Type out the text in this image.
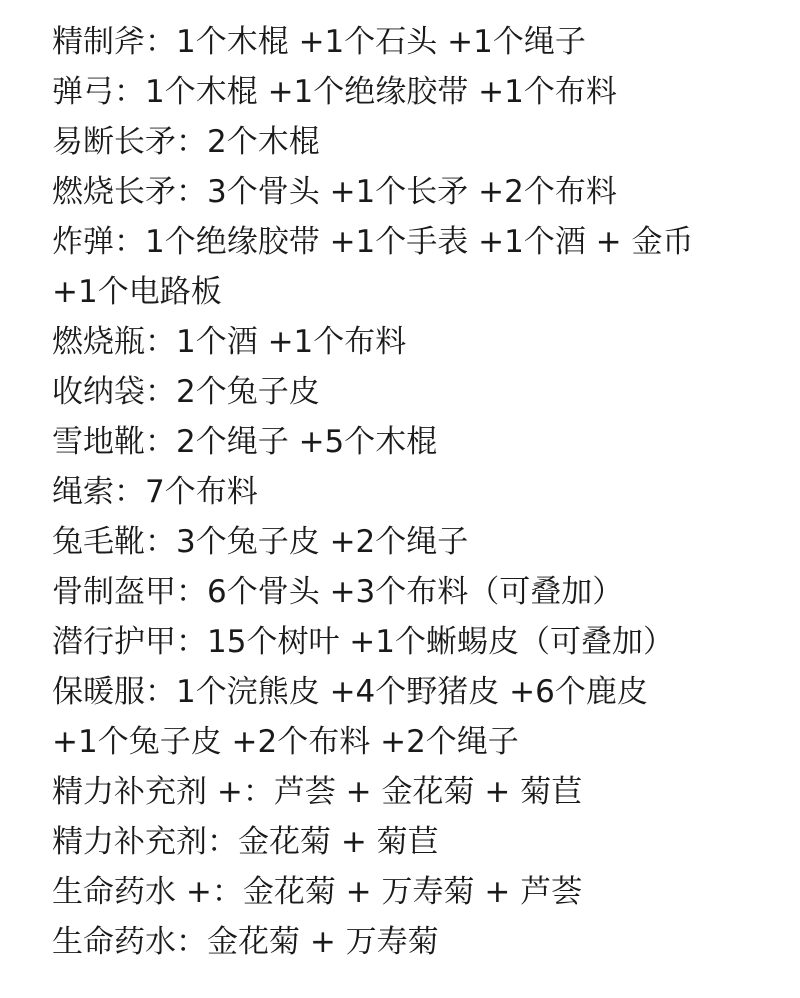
精制斧：1个木棍 +1个石头 +1个绳子
弹弓：1个木棍 +1个绝缘胶带 +1个布料
易断长矛：2个木棍
燃烧长矛：3个骨头 +1个长矛 +2个布料
炸弹：1个绝缘胶带 +1个手表 +1个酒 + 金币
+1个电路板
燃烧瓶：1个酒 +1个布料
收纳袋：2个兔子皮
雪地靴：2个绳子 +5个木棍
绳索：7个布料
兔毛靴：3个兔子皮 +2个绳子
骨制盔甲：6个骨头 +3个布料（可叠加）
潜行护甲：15个树叶 +1个蜥蜴皮（可叠加）
保暖服：1个浣熊皮 +4个野猪皮 +6个鹿皮
+1个兔子皮 +2个布料 +2个绳子
精力补充剂 +：芦荟 + 金花菊 + 菊苣
精力补充剂：金花菊 + 菊苣
生命药水 +：金花菊 + 万寿菊 + 芦荟
生命药水：金花菊 + 万寿菊
